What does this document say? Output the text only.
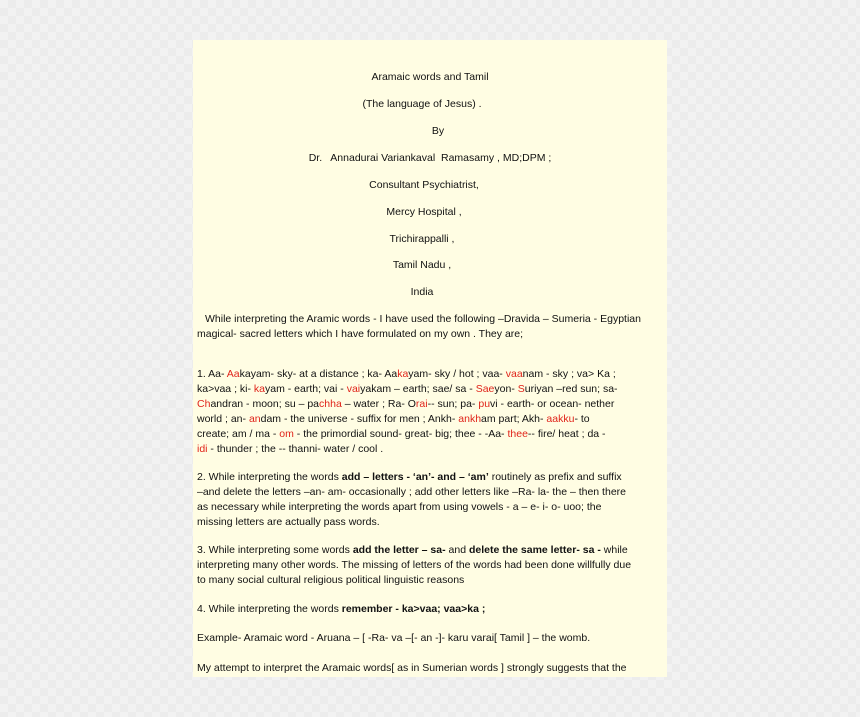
Aramaic words and Tamil
(The language of Jesus) .
By
Dr.   Annadurai Variankaval  Ramasamy , MD;DPM ;
Consultant Psychiatrist,
Mercy Hospital ,
Trichirappalli ,
Tamil Nadu ,
India
While interpreting the Aramic words - I have used the following –Dravida – Sumeria - Egyptian magical- sacred letters which I have formulated on my own . They are;
1. Aa- Aakayam- sky- at a distance ; ka- Aakayam- sky / hot ; vaa- vaanam - sky ; va> Ka ;
ka>vaa ; ki- kayam - earth; vai - vaiyakam – earth; sae/ sa - Saeyon- Suriyan –red sun; sa-
Chandran - moon; su – pachha – water ; Ra- Orai-- sun; pa- puvi - earth- or ocean- nether
world ; an- andam - the universe - suffix for men ; Ankh- ankham part; Akh- aakku- to
create; am / ma - om - the primordial sound- great- big; thee - -Aa- thee-- fire/ heat ; da -
idi - thunder ; the -- thanni- water / cool .
2. While interpreting the words add – letters - ‘an’- and – ‘am’ routinely as prefix and suffix
–and delete the letters –an- am- occasionally ; add other letters like –Ra- la- the – then there
as necessary while interpreting the words apart from using vowels - a – e- i- o- uoo; the
missing letters are actually pass words.
3. While interpreting some words add the letter – sa- and delete the same letter- sa - while
interpreting many other words. The missing of letters of the words had been done willfully due
to many social cultural religious political linguistic reasons
4. While interpreting the words remember - ka>vaa; vaa>ka ;
Example- Aramaic word - Aruana – [ -Ra- va –[- an -]- karu varai[ Tamil ] – the womb.
My attempt to interpret the Aramaic words[ as in Sumerian words ] strongly suggests that the
